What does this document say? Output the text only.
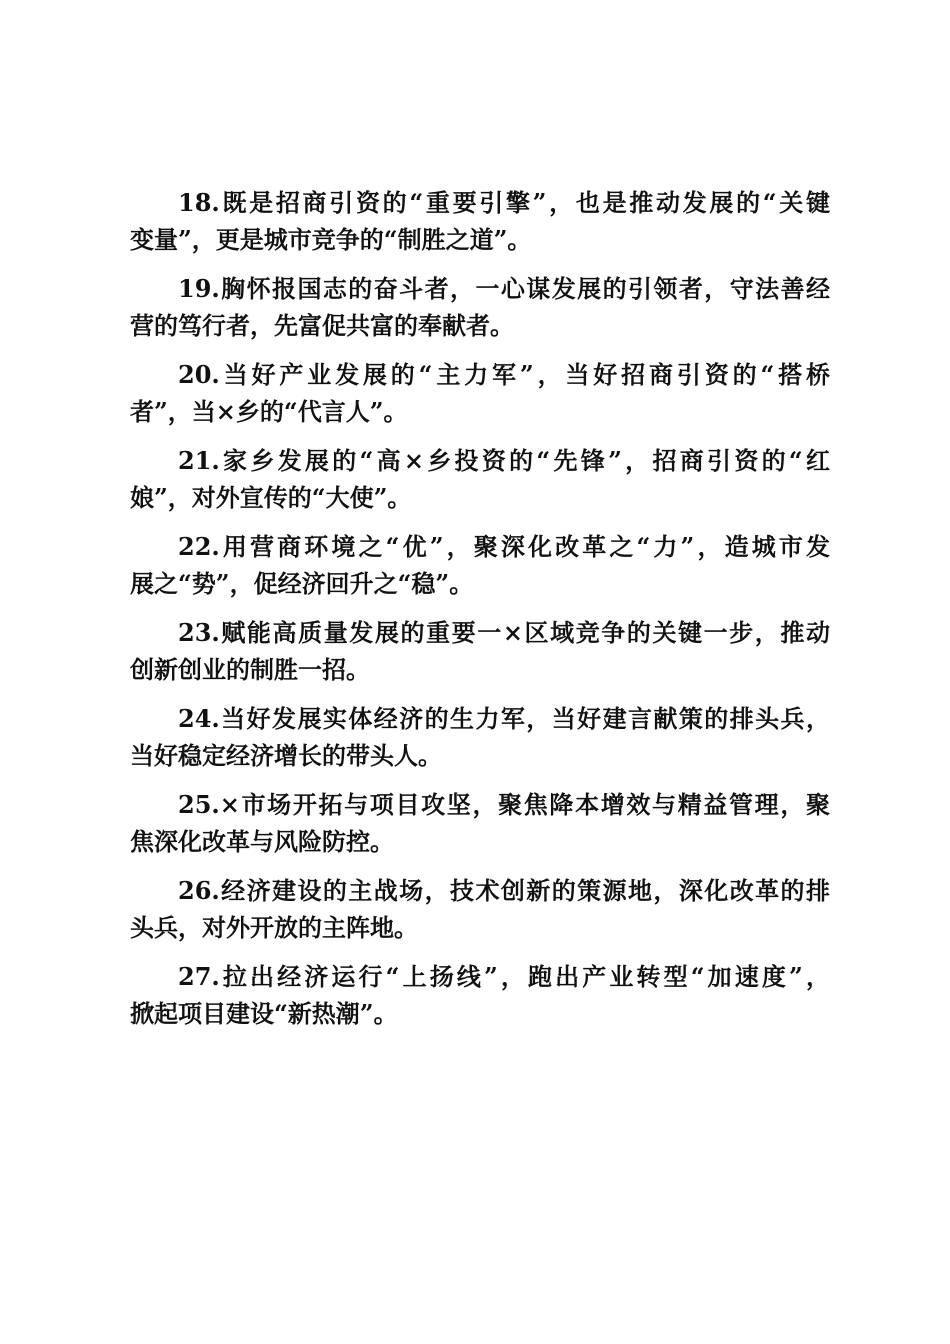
18.既是招商引资的“重要引擎”，也是推动发展的“关键
变量”，更是城市竞争的“制胜之道”。
19.胸怀报国志的奋斗者，一心谋发展的引领者，守法善经
营的笃行者，先富促共富的奉献者。
20.当好产业发展的“主力军”，当好招商引资的“搭桥
者”，当×乡的“代言人”。
21.家乡发展的“高×乡投资的“先锋”，招商引资的“红
娘”，对外宣传的“大使”。
22.用营商环境之“优”，聚深化改革之“力”，造城市发
展之“势”，促经济回升之“稳”。
23.赋能高质量发展的重要一×区域竞争的关键一步，推动
创新创业的制胜一招。
24.当好发展实体经济的生力军，当好建言献策的排头兵，
当好稳定经济增长的带头人。
25.×市场开拓与项目攻坚，聚焦降本增效与精益管理，聚
焦深化改革与风险防控。
26.经济建设的主战场，技术创新的策源地，深化改革的排
头兵，对外开放的主阵地。
27.拉出经济运行“上扬线”，跑出产业转型“加速度”，
掀起项目建设“新热潮”。
